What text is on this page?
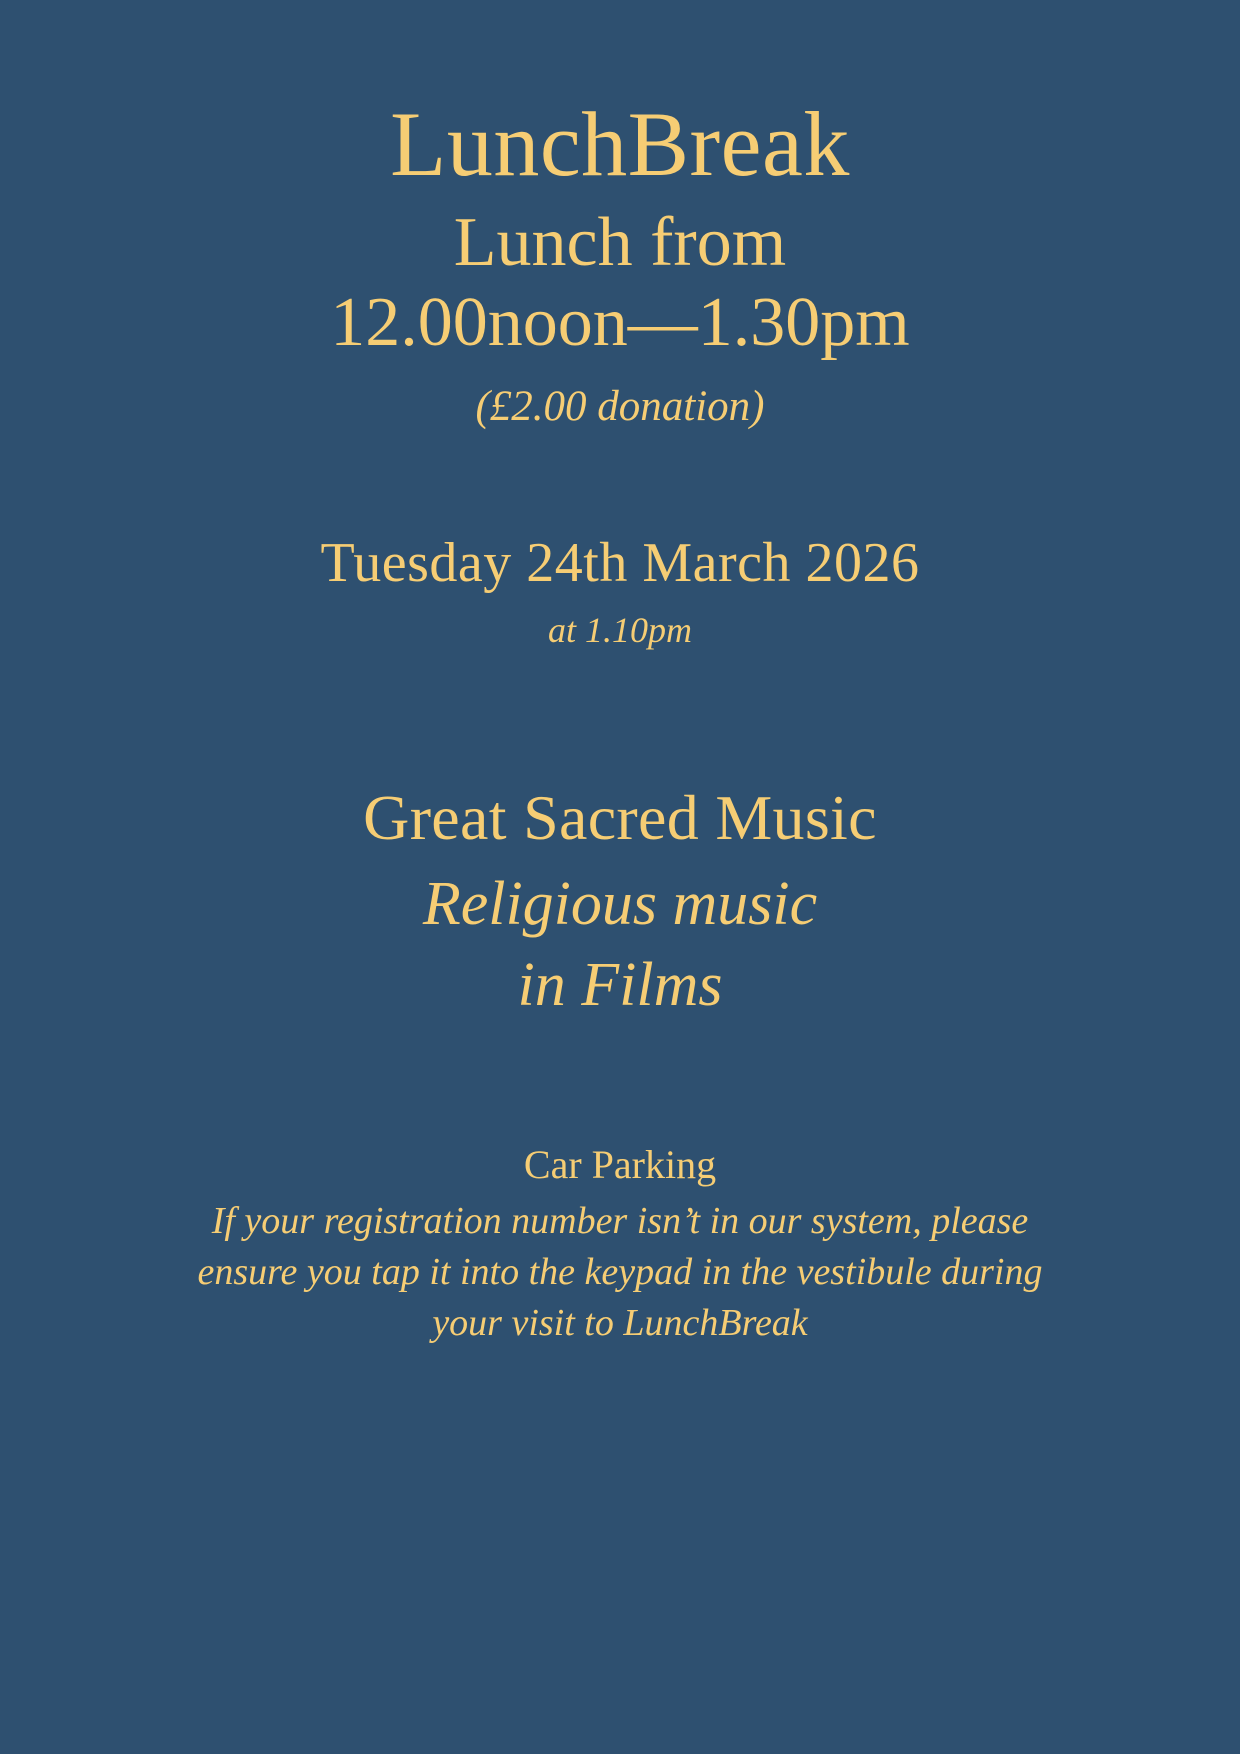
LunchBreak
Lunch from
12.00noon—1.30pm
(£2.00 donation)
Tuesday 24th March 2026
at 1.10pm
Great Sacred Music
Religious music
in Films
Car Parking
If your registration number isn’t in our system, please ensure you tap it into the keypad in the vestibule during your visit to LunchBreak
